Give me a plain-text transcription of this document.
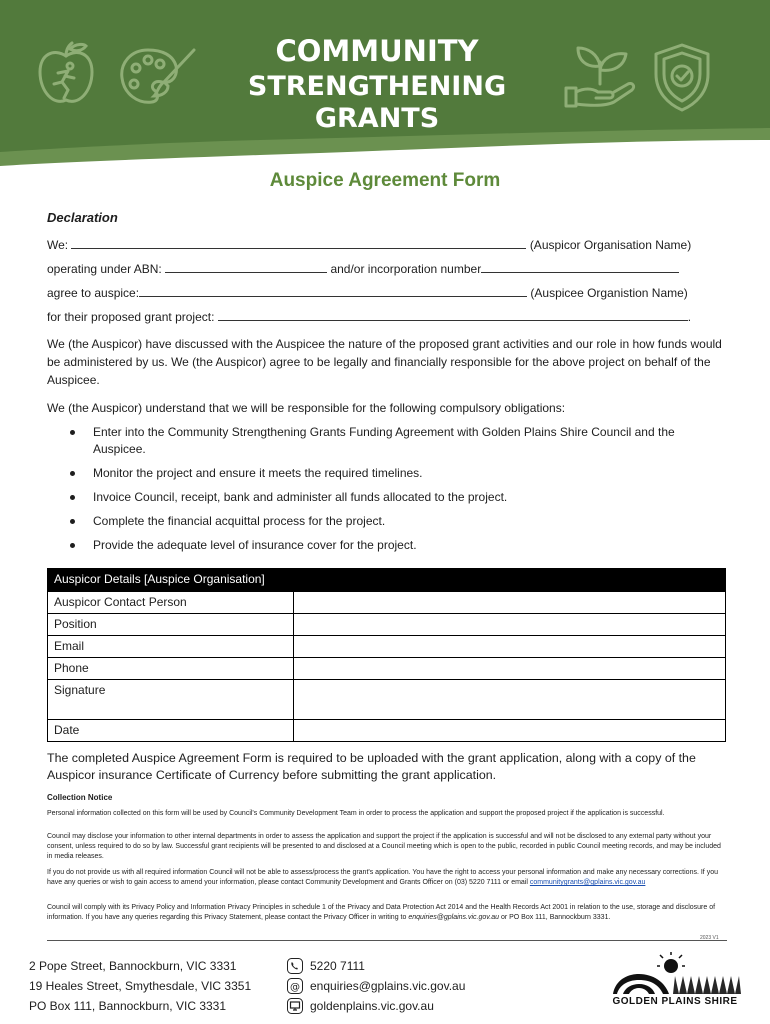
COMMUNITY
STRENGTHENING GRANTS
Auspice Agreement Form
Declaration
We:	(Auspicor Organisation Name)
operating under ABN:	and/or incorporation number
agree to auspice:	(Auspicee Organistion Name)
for their proposed grant project:	.
We (the Auspicor) have discussed with the Auspicee the nature of the proposed grant activities and our role in how funds would be administered by us. We (the Auspicor) agree to be legally and financially responsible for the above project on behalf of the Auspicee.
We (the Auspicor) understand that we will be responsible for the following compulsory obligations:
Enter into the Community Strengthening Grants Funding Agreement with Golden Plains Shire Council and the Auspicee.
Monitor the project and ensure it meets the required timelines.
Invoice Council, receipt, bank and administer all funds allocated to the project.
Complete the financial acquittal process for the project.
Provide the adequate level of insurance cover for the project.
Auspicor Details [Auspice Organisation]	
Auspicor Contact Person	
Position	
Email	
Phone	
Signature	
Date	
The completed Auspice Agreement Form is required to be uploaded with the grant application, along with a copy of the Auspicor insurance Certificate of Currency before submitting the grant application.
Collection Notice
Personal information collected on this form will be used by Council's Community Development Team in order to process the application and support the proposed project if the application is successful.
Council may disclose your information to other internal departments in order to assess the application and support the project if the application is successful and will not be disclosed to any external party without your consent, unless required to do so by law. Successful grant recipients will be presented to and disclosed at a Council meeting which is open to the public, recorded in public Council meeting records, and may be included in media releases.
If you do not provide us with all required information Council will not be able to assess/process the grant's application. You have the right to access your personal information and make any necessary corrections. If you have any queries or wish to gain access to amend your information, please contact Community Development and Grants Officer on (03) 5220 7111 or email communitygrants@gplains.vic.gov.au
Council will comply with its Privacy Policy and Information Privacy Principles in schedule 1 of the Privacy and Data Protection Act 2014 and the Health Records Act 2001 in relation to the use, storage and disclosure of information. If you have any queries regarding this Privacy Statement, please contact the Privacy Officer in writing to enquiries@gplains.vic.gov.au or PO Box 111, Bannockburn 3331.
2023 V1
2 Pope Street, Bannockburn, VIC 3331
19 Heales Street, Smythesdale, VIC 3351
PO Box 111, Bannockburn, VIC 3331
5220 7111
@ enquiries@gplains.vic.gov.au
goldenplains.vic.gov.au	GOLDEN PLAINS SHIRE
